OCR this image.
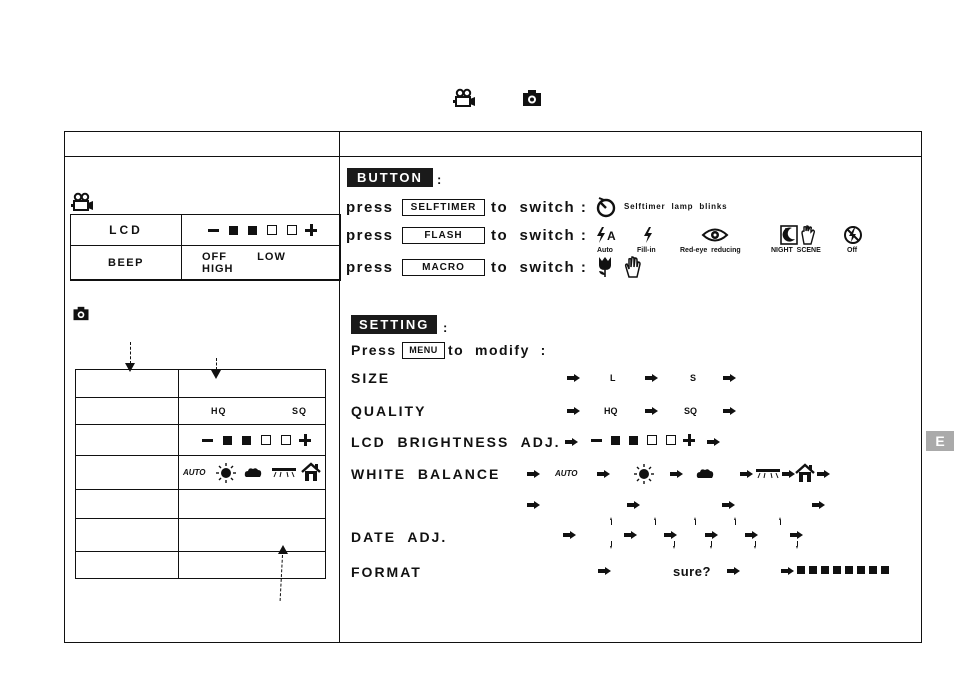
E
LCD	

BEEP	OFF LOW   HIGH

	HQ SQ

	AUTO

BUTTON	:
press	SELFTIMER to  switch :	Selftimer  lamp  blinks
press	FLASH	to  switch : A
Auto	Fill-in	Red-eye  reducing	NIGHT  SCENE	Off
press	MACRO	to  switch :
SETTING	:
Press	MENU to  modify  :
SIZE	L	S
QUALITY	HQ	SQ
LCD  BRIGHTNESS  ADJ.
WHITE  BALANCE	AUTO
DATE  ADJ.
FORMAT	sure?
